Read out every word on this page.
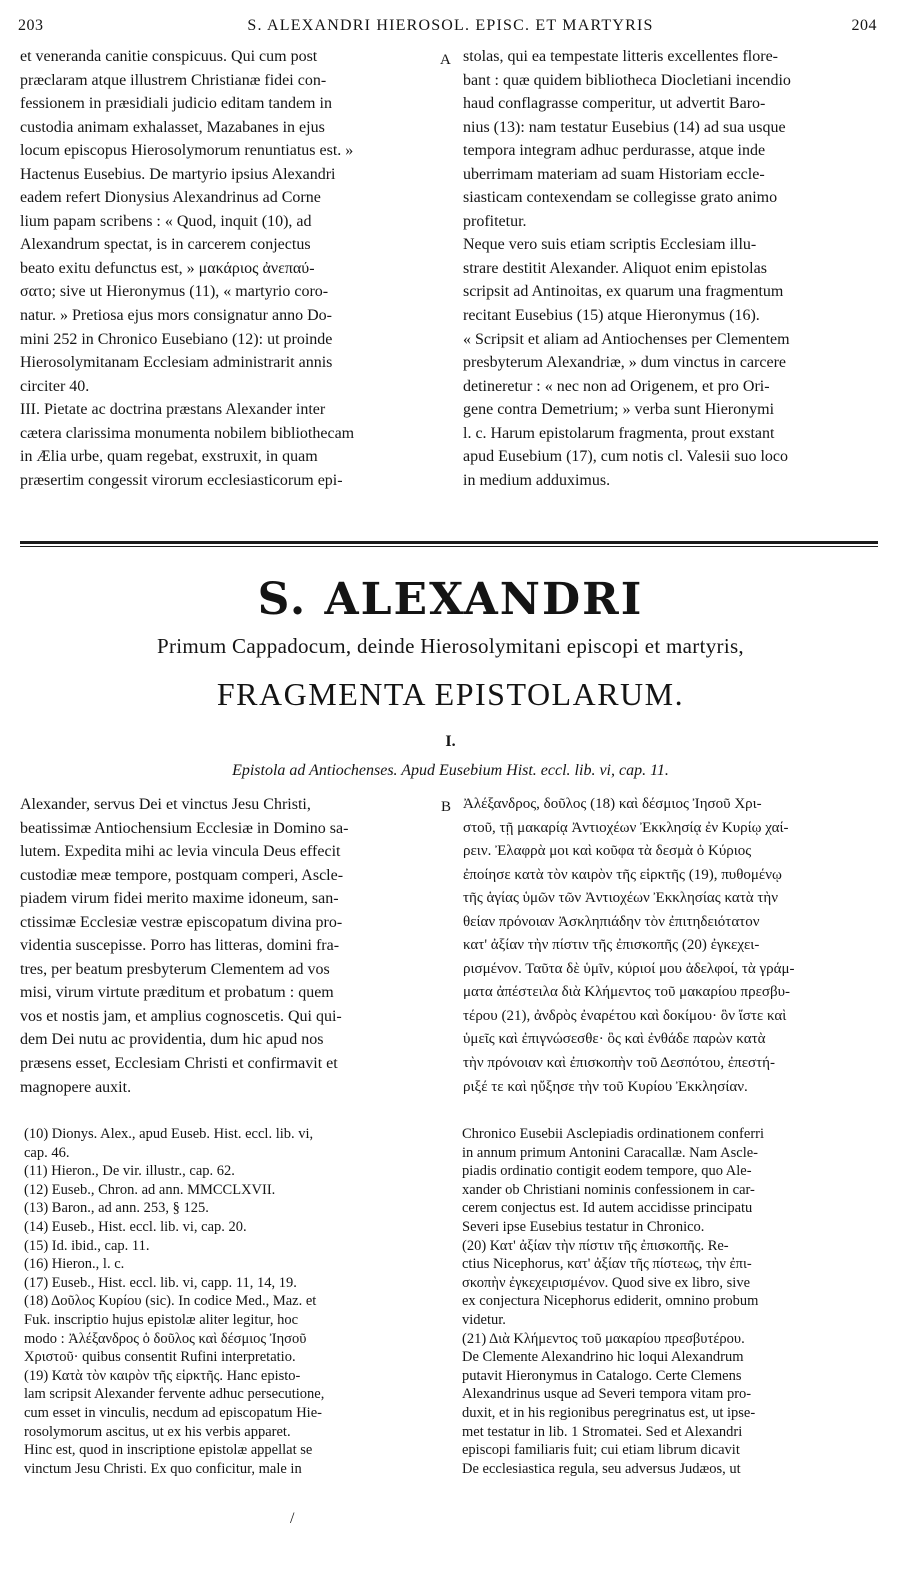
203	S. ALEXANDRI HIEROSOL. EPISC. ET MARTYRIS	204
et veneranda canitie conspicuus. Qui cum post
præclaram atque illustrem Christianæ fidei con-
fessionem in præsidiali judicio editam tandem in
custodia animam exhalasset, Mazabanes in ejus
locum episcopus Hierosolymorum renuntiatus est. »
Hactenus Eusebius. De martyrio ipsius Alexandri
eadem refert Dionysius Alexandrinus ad Corne
lium papam scribens : « Quod, inquit (10), ad
Alexandrum spectat, is in carcerem conjectus
beato exitu defunctus est, » μακάριος ἀνεπαύ-
σατο; sive ut Hieronymus (11), « martyrio coro-
natur. » Pretiosa ejus mors consignatur anno Do-
mini 252 in Chronico Eusebiano (12): ut proinde
Hierosolymitanam Ecclesiam administrarit annis
circiter 40.
III. Pietate ac doctrina præstans Alexander inter
cætera clarissima monumenta nobilem bibliothecam
in Ælia urbe, quam regebat, exstruxit, in quam
præsertim congessit virorum ecclesiasticorum epi-
A stolas, qui ea tempestate litteris excellentes flore-
bant : quæ quidem bibliotheca Diocletiani incendio
haud conflagrasse comperitur, ut advertit Baro-
nius (13): nam testatur Eusebius (14) ad sua usque
tempora integram adhuc perdurasse, atque inde
uberrimam materiam ad suam Historiam eccle-
siasticam contexendam se collegisse grato animo
profitetur.
Neque vero suis etiam scriptis Ecclesiam illu-
strare destitit Alexander. Aliquot enim epistolas
scripsit ad Antinoitas, ex quarum una fragmentum
recitant Eusebius (15) atque Hieronymus (16).
« Scripsit et aliam ad Antiochenses per Clementem
presbyterum Alexandriæ, » dum vinctus in carcere
detineretur : « nec non ad Origenem, et pro Ori-
gene contra Demetrium; » verba sunt Hieronymi
l. c. Harum epistolarum fragmenta, prout exstant
apud Eusebium (17), cum notis cl. Valesii suo loco
in medium adduximus.
S. ALEXANDRI
Primum Cappadocum, deinde Hierosolymitani episcopi et martyris,
FRAGMENTA EPISTOLARUM.
I.
Epistola ad Antiochenses. Apud Eusebium Hist. eccl. lib. vi, cap. 11.
Alexander, servus Dei et vinctus Jesu Christi,
beatissimæ Antiochensium Ecclesiæ in Domino sa-
lutem. Expedita mihi ac levia vincula Deus effecit
custodiæ meæ tempore, postquam comperi, Ascle-
piadem virum fidei merito maxime idoneum, san-
ctissimæ Ecclesiæ vestræ episcopatum divina pro-
videntia suscepisse. Porro has litteras, domini fra-
tres, per beatum presbyterum Clementem ad vos
misi, virum virtute præditum et probatum : quem
vos et nostis jam, et amplius cognoscetis. Qui qui-
dem Dei nutu ac providentia, dum hic apud nos
præsens esset, Ecclesiam Christi et confirmavit et
magnopere auxit.
B Ἀλέξανδρος, δοῦλος (18) καὶ δέσμιος Ἰησοῦ Χρι-
στοῦ, τῇ μακαρίᾳ Ἀντιοχέων Ἐκκλησίᾳ ἐν Κυρίῳ χαί-
ρειν. Ἐλαφρὰ μοι καὶ κοῦφα τὰ δεσμὰ ὁ Κύριος
ἐποίησε κατὰ τὸν καιρὸν τῆς εἱρκτῆς (19), πυθομένῳ
τῆς ἁγίας ὑμῶν τῶν Ἀντιοχέων Ἐκκλησίας κατὰ τὴν
θείαν πρόνοιαν Ἀσκληπιάδην τὸν ἐπιτηδειότατον
κατ' ἀξίαν τὴν πίστιν τῆς ἐπισκοπῆς (20) ἐγκεχει-
ρισμένον. Ταῦτα δὲ ὑμῖν, κύριοί μου ἀδελφοί, τὰ γράμ-
ματα ἀπέστειλα διὰ Κλήμεντος τοῦ μακαρίου πρεσβυ-
τέρου (21), ἀνδρὸς ἐναρέτου καὶ δοκίμου· ὃν ἴστε καὶ
ὑμεῖς καὶ ἐπιγνώσεσθε· ὃς καὶ ἐνθάδε παρὼν κατὰ
τὴν πρόνοιαν καὶ ἐπισκοπὴν τοῦ Δεσπότου, ἐπεστή-
ριξέ τε καὶ ηὔξησε τὴν τοῦ Κυρίου Ἐκκλησίαν.
(10) Dionys. Alex., apud Euseb. Hist. eccl. lib. vi,
cap. 46.
(11) Hieron., De vir. illustr., cap. 62.
(12) Euseb., Chron. ad ann. MMCCLXVII.
(13) Baron., ad ann. 253, § 125.
(14) Euseb., Hist. eccl. lib. vi, cap. 20.
(15) Id. ibid., cap. 11.
(16) Hieron., l. c.
(17) Euseb., Hist. eccl. lib. vi, capp. 11, 14, 19.
(18) Δοῦλος Κυρίου (sic). In codice Med., Maz. et
Fuk. inscriptio hujus epistolæ aliter legitur, hoc
modo : Ἀλέξανδρος ὁ δοῦλος καὶ δέσμιος Ἰησοῦ
Χριστοῦ· quibus consentit Rufini interpretatio.
(19) Κατὰ τὸν καιρὸν τῆς εἱρκτῆς. Hanc episto-
lam scripsit Alexander fervente adhuc persecutione,
cum esset in vinculis, necdum ad episcopatum Hie-
rosolymorum ascitus, ut ex his verbis apparet.
Hinc est, quod in inscriptione epistolæ appellat se
vinctum Jesu Christi. Ex quo conficitur, male in
Chronico Eusebii Asclepiadis ordinationem conferri
in annum primum Antonini Caracallæ. Nam Ascle-
piadis ordinatio contigit eodem tempore, quo Ale-
xander ob Christiani nominis confessionem in car-
cerem conjectus est. Id autem accidisse principatu
Severi ipse Eusebius testatur in Chronico.
(20) Κατ' ἀξίαν τὴν πίστιν τῆς ἐπισκοπῆς. Re-
ctius Nicephorus, κατ' ἀξίαν τῆς πίστεως, τὴν ἐπι-
σκοπὴν ἐγκεχειρισμένον. Quod sive ex libro, sive
ex conjectura Nicephorus ediderit, omnino probum
videtur.
(21) Διὰ Κλήμεντος τοῦ μακαρίου πρεσβυτέρου.
De Clemente Alexandrino hic loqui Alexandrum
putavit Hieronymus in Catalogo. Certe Clemens
Alexandrinus usque ad Severi tempora vitam pro-
duxit, et in his regionibus peregrinatus est, ut ipse-
met testatur in lib. 1 Stromatei. Sed et Alexandri
episcopi familiaris fuit; cui etiam librum dicavit
De ecclesiastica regula, seu adversus Judæos, ut
/
